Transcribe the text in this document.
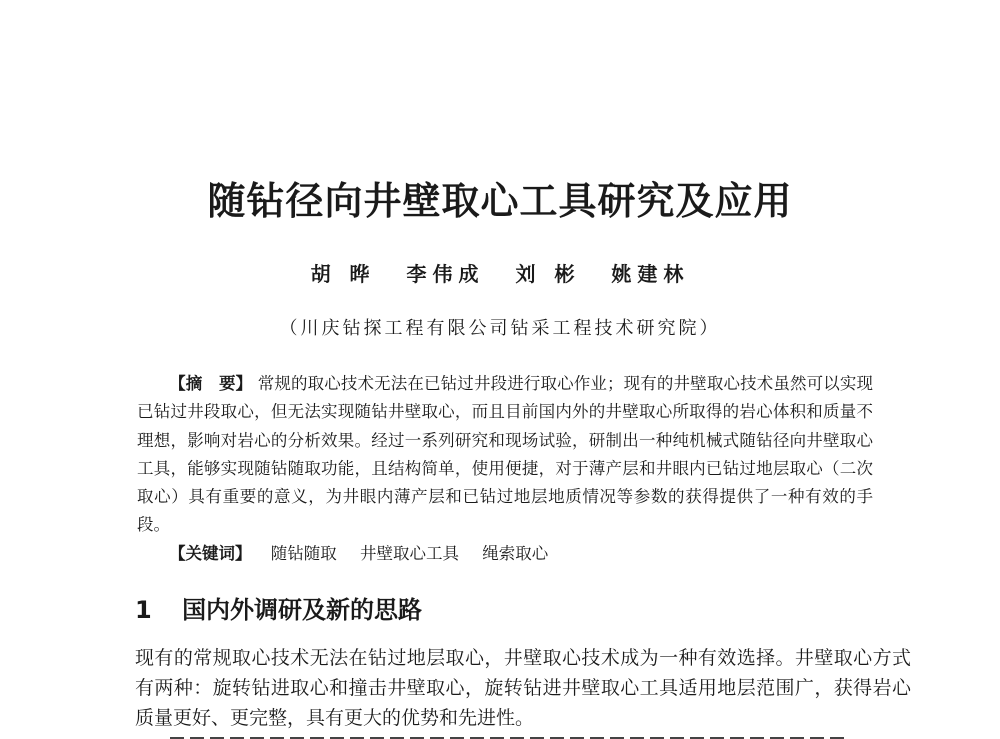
随钻径向井壁取心工具研究及应用
胡 晔 李伟成 刘 彬 姚建林
（川庆钻探工程有限公司钻采工程技术研究院）
【摘　要】 常规的取心技术无法在已钻过井段进行取心作业；现有的井壁取心技术虽然可以实现已钻过井段取心，但无法实现随钻井壁取心，而且目前国内外的井壁取心所取得的岩心体积和质量不理想，影响对岩心的分析效果。经过一系列研究和现场试验，研制出一种纯机械式随钻径向井壁取心工具，能够实现随钻随取功能，且结构简单，使用便捷，对于薄产层和井眼内已钻过地层取心（二次取心）具有重要的意义，为井眼内薄产层和已钻过地层地质情况等参数的获得提供了一种有效的手段。
【关键词】 随钻随取 井壁取心工具 绳索取心
1 国内外调研及新的思路
现有的常规取心技术无法在钻过地层取心，井壁取心技术成为一种有效选择。井壁取心方式有两种：旋转钻进取心和撞击井壁取心，旋转钻进井壁取心工具适用地层范围广，获得岩心质量更好、更完整，具有更大的优势和先进性。
